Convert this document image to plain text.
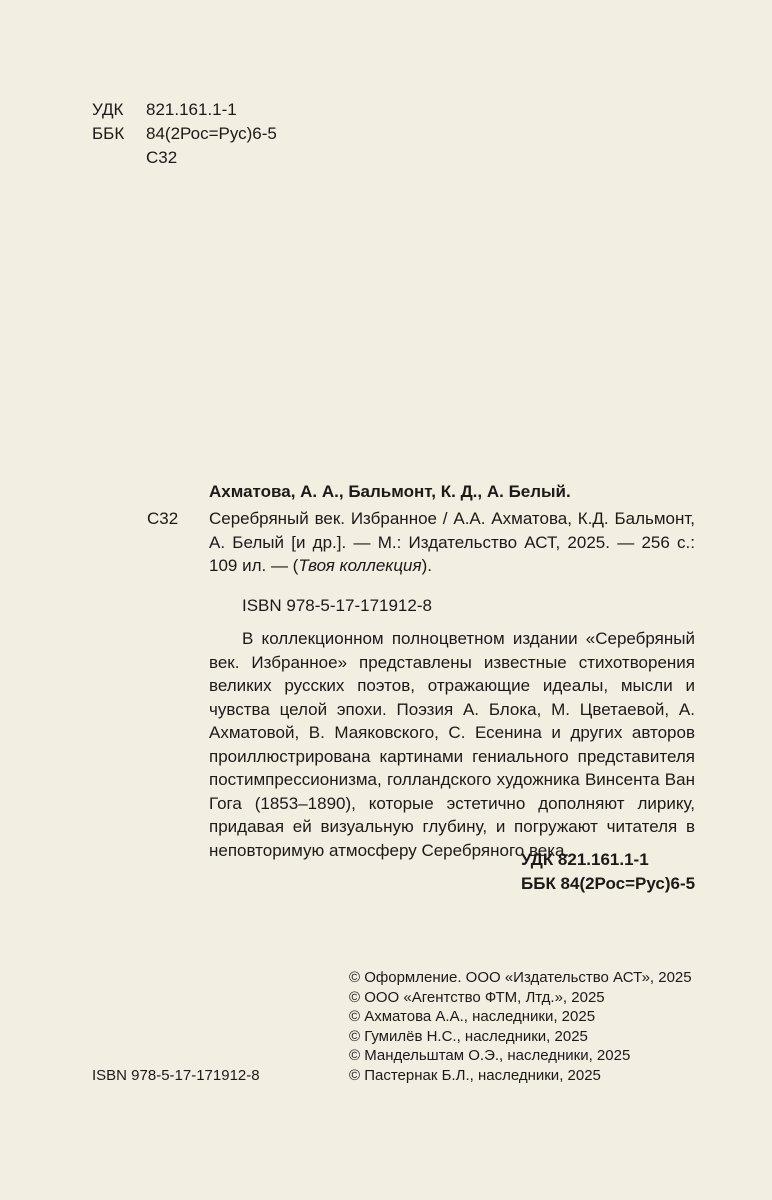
УДК	821.161.1-1
ББК	84(2Рос=Рус)6-5
С32
Ахматова, А. А., Бальмонт, К. Д., А. Белый.
С32 Серебряный век. Избранное / А.А. Ахматова, К.Д. Бальмонт, А. Белый [и др.]. — М.: Издательство АСТ, 2025. — 256 с.: 109 ил. — (Твоя коллекция).
ISBN 978-5-17-171912-8
В коллекционном полноцветном издании «Серебряный век. Избранное» представлены известные стихотворения великих русских поэтов, отражающие идеалы, мысли и чувства целой эпохи. Поэзия А. Блока, М. Цветаевой, А. Ахматовой, В. Маяковского, С. Есенина и других авторов проиллюстрирована картинами гениального представителя постимпрессионизма, голландского художника Винсента Ван Гога (1853–1890), которые эстетично дополняют лирику, придавая ей визуальную глубину, и погружают читателя в неповторимую атмосферу Серебряного века.
УДК 821.161.1-1
ББК 84(2Рос=Рус)6-5
© Оформление. ООО «Издательство АСТ», 2025
© ООО «Агентство ФТМ, Лтд.», 2025
© Ахматова А.А., наследники, 2025
© Гумилёв Н.С., наследники, 2025
© Мандельштам О.Э., наследники, 2025
© Пастернак Б.Л., наследники, 2025
ISBN 978-5-17-171912-8
